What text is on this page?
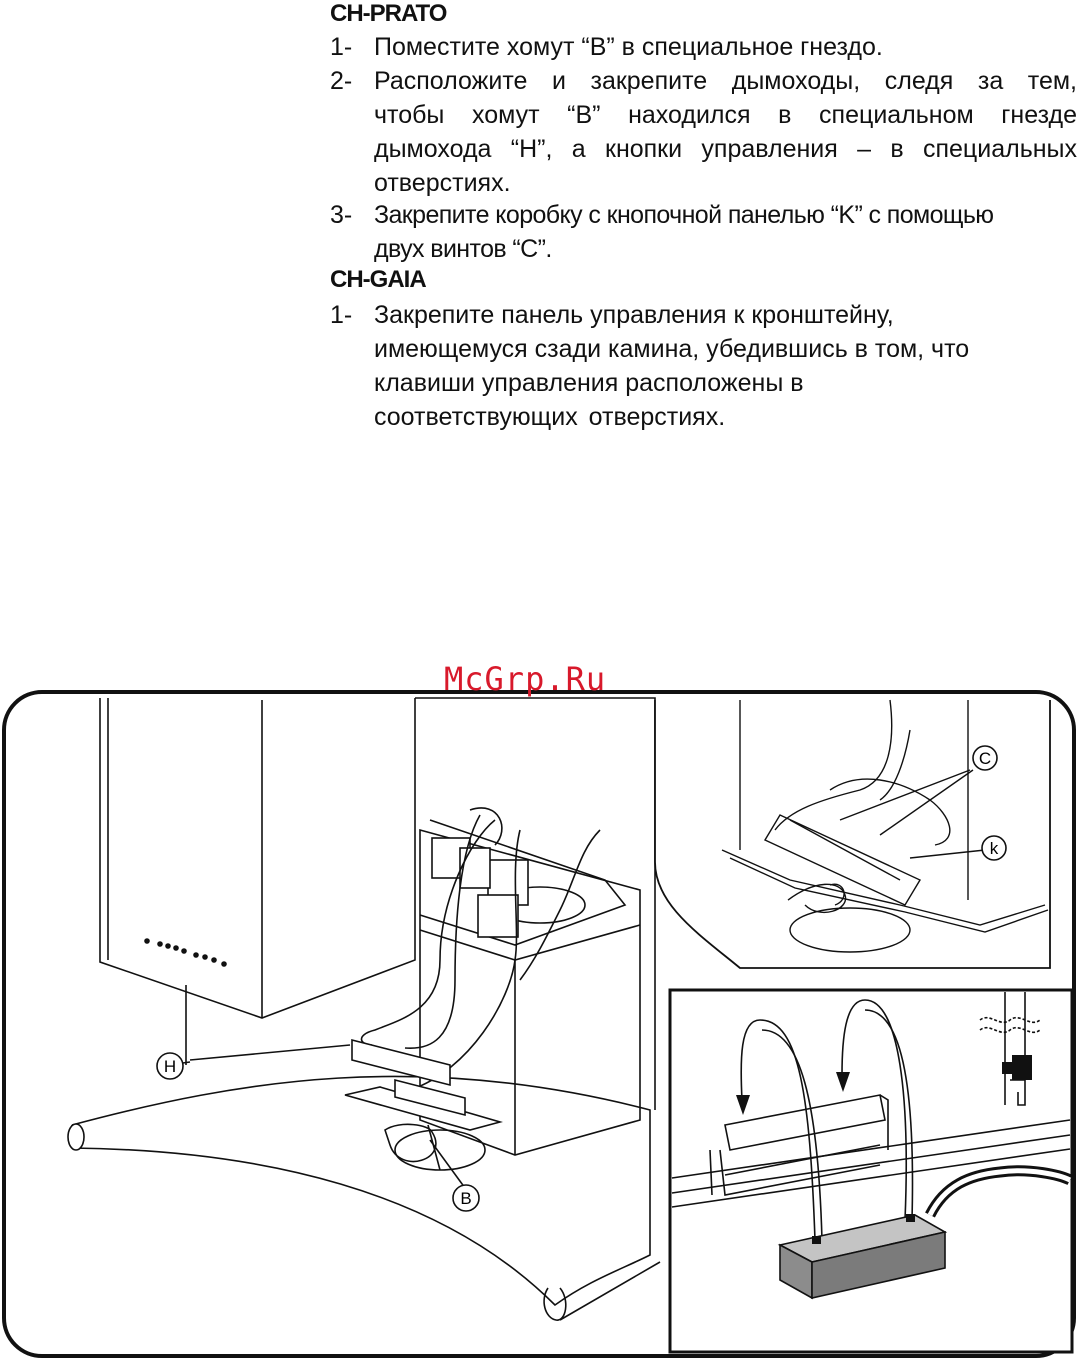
CH-PRATO
1- Поместите хомут “B” в специальное гнездо.
2- Расположите и закрепите дымоходы, следя за тем,
чтобы хомут “B” находился в специальном гнезде
дымохода “H”, а кнопки управления – в специальных
отверстиях.
3- Закрепите коробку с кнопочной панелью “K” с помощью
двух винтов “C”.
CH-GAIA
1- Закрепите панель управления к кронштейну,
имеющемуся сзади камина, убедившись в том, что
клавиши управления расположены в
соответствующих отверстиях.
H
B
C
k
McGrp.Ru
